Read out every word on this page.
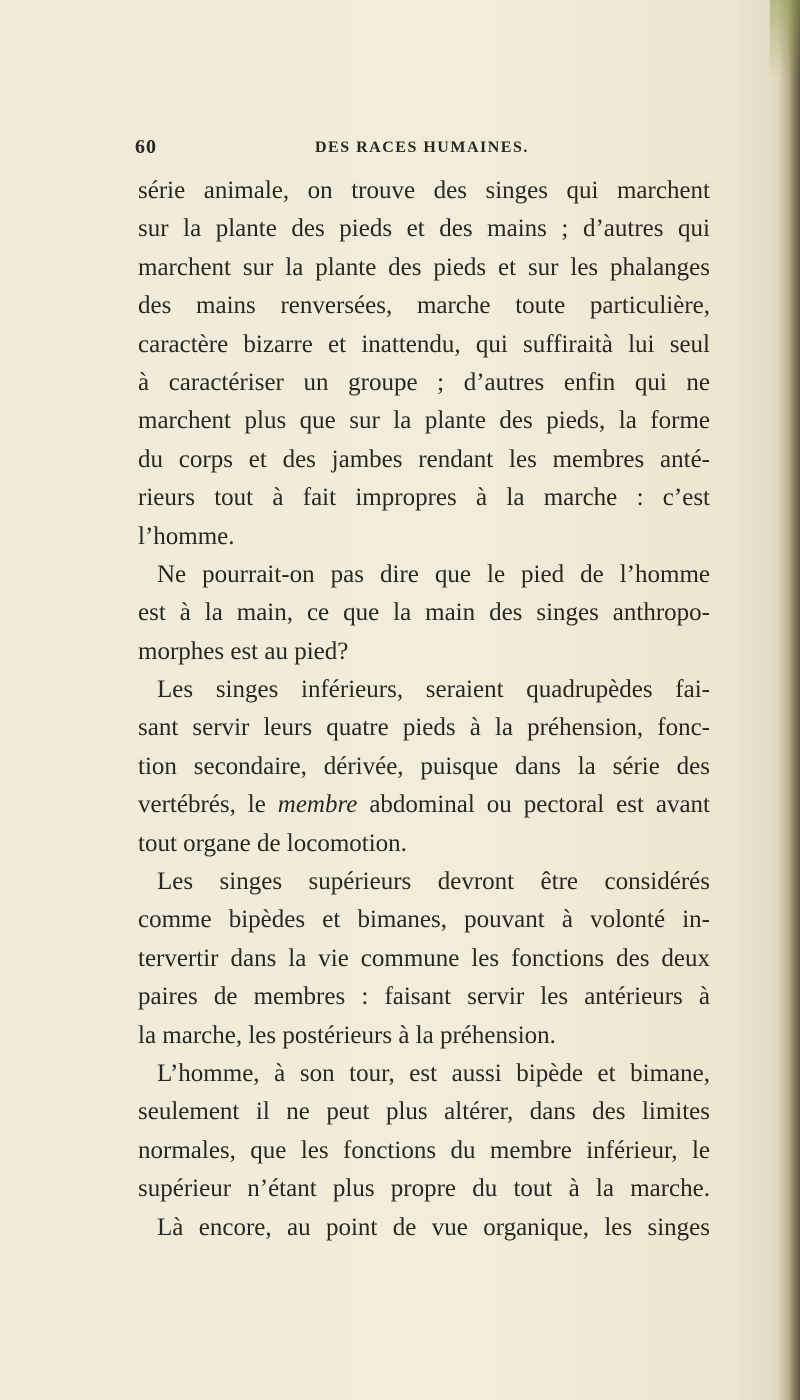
60	DES RACES HUMAINES.
série animale, on trouve des singes qui marchent
sur la plante des pieds et des mains ; d’autres qui
marchent sur la plante des pieds et sur les phalanges
des mains renversées, marche toute particulière,
caractère bizarre et inattendu, qui suffiraità lui seul
à caractériser un groupe ; d’autres enfin qui ne
marchent plus que sur la plante des pieds, la forme
du corps et des jambes rendant les membres anté-
rieurs tout à fait impropres à la marche : c’est
l’homme.
Ne pourrait-on pas dire que le pied de l’homme
est à la main, ce que la main des singes anthropo-
morphes est au pied?
Les singes inférieurs, seraient quadrupèdes fai-
sant servir leurs quatre pieds à la préhension, fonc-
tion secondaire, dérivée, puisque dans la série des
vertébrés, le membre abdominal ou pectoral est avant
tout organe de locomotion.
Les singes supérieurs devront être considérés
comme bipèdes et bimanes, pouvant à volonté in-
tervertir dans la vie commune les fonctions des deux
paires de membres : faisant servir les antérieurs à
la marche, les postérieurs à la préhension.
L’homme, à son tour, est aussi bipède et bimane,
seulement il ne peut plus altérer, dans des limites
normales, que les fonctions du membre inférieur, le
supérieur n’étant plus propre du tout à la marche.
Là encore, au point de vue organique, les singes
